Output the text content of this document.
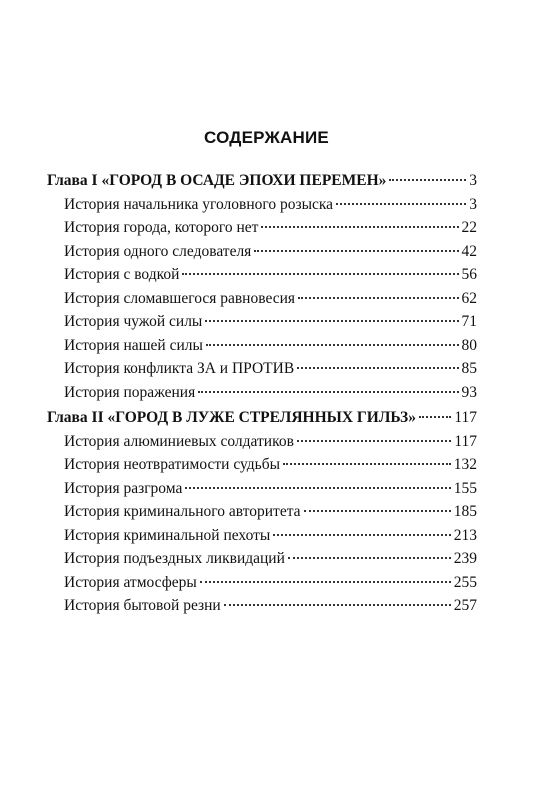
СОДЕРЖАНИЕ
Глава I «ГОРОД В ОСАДЕ ЭПОХИ ПЕРЕМЕН»	3
История начальника уголовного розыска	3
История города, которого нет	22
История одного следователя	42
История с водкой	56
История сломавшегося равновесия	62
История чужой силы	71
История нашей силы	80
История конфликта ЗА и ПРОТИВ	85
История поражения	93
Глава II «ГОРОД В ЛУЖЕ СТРЕЛЯННЫХ ГИЛЬЗ» 117
История алюминиевых солдатиков	117
История неотвратимости судьбы	132
История разгрома	155
История криминального авторитета	185
История криминальной пехоты	213
История подъездных ликвидаций	239
История атмосферы	255
История бытовой резни	257
